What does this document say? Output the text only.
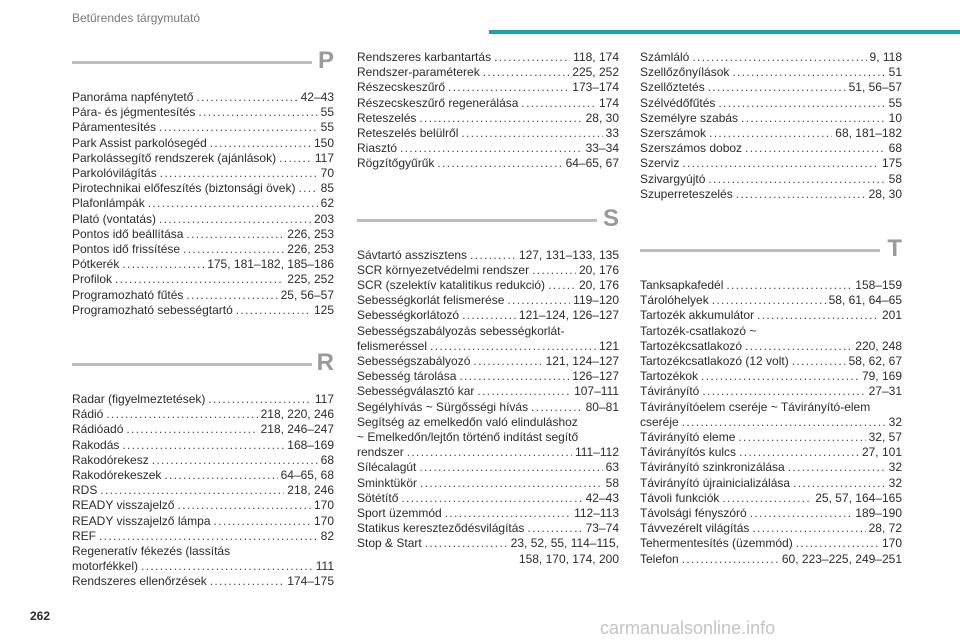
Betűrendes tárgymutató
P
Panoráma napfénytető . . .	42–43
Pára- és jégmentesítés . . .	55
Páramentesítés . . .	55
Park Assist parkolósegéd . . .	150
Parkolássegítő rendszerek (ajánlások) . . .	117
Parkolóvilágítás . . .	70
Pirotechnikai előfeszítés (biztonsági övek) . . . 85
Plafonlámpák . . .	62
Plató (vontatás) . . .	203
Pontos idő beállítása . . .	226, 253
Pontos idő frissítése . . .	226, 253
Pótkerék . . .	175, 181–182, 185–186
Profilok . . .	225, 252
Programozható fűtés . . .	25, 56–57
Programozható sebességtartó . . .	125
R
Radar (figyelmeztetések) . . .	117
Rádió . . .	218, 220, 246
Rádióadó . . .	218, 246–247
Rakodás . . .	168–169
Rakodórekesz . . .	68
Rakodórekeszek . . .	64–65, 68
RDS . . .	218, 246
READY visszajelző . . .	170
READY visszajelző lámpa . . .	170
REF . . .	82
Regeneratív fékezés (lassítás
motorfékkel) . . .	111
Rendszeres ellenőrzések . . .	174–175
Rendszeres karbantartás . . .	118, 174
Rendszer-paraméterek . . .	225, 252
Részecskeszűrő . . .	173–174
Részecskeszűrő regenerálása . . .	174
Reteszelés . . .	28, 30
Reteszelés belülről . . .	33
Riasztó . . .	33–34
Rögzítőgyűrűk . . .	64–65, 67
S
Sávtartó asszisztens . . .	127, 131–133, 135
SCR környezetvédelmi rendszer . . .	20, 176
SCR (szelektív katalitikus redukció) . . .	20, 176
Sebességkorlát felismerése . . .	119–120
Sebességkorlátozó . . .	121–124, 126–127
Sebességszabályozás sebességkorlát-
felismeréssel . . .	121
Sebességszabályozó . . .	121, 124–127
Sebesség tárolása . . .	126–127
Sebességválasztó kar . . .	107–111
Segélyhívás ~ Sürgősségi hívás . . .	80–81
Segítség az emelkedőn való elinduláshoz
~ Emelkedőn/lejtőn történő indítást segítő
rendszer . . .	111–112
Sílécalagút . . .	63
Sminktükör . . .	58
Sötétítő . . .	42–43
Sport üzemmód . . .	112–113
Statikus kereszteződésvilágítás . . .	73–74
Stop & Start . . .	23, 52, 55, 114–115,
158, 170, 174, 200
Számláló . . .	9, 118
Szellőzőnyílások . . .	51
Szellőztetés . . .	51, 56–57
Szélvédőfűtés . . .	55
Személyre szabás . . .	10
Szerszámok . . .	68, 181–182
Szerszámos doboz . . .	68
Szerviz . . .	175
Szivargyújtó . . .	58
Szuperreteszelés . . .	28, 30
T
Tanksapkafedél . . .	158–159
Tárolóhelyek . . .	58, 61, 64–65
Tartozék akkumulátor . . .	201
Tartozék-csatlakozó ~
Tartozékcsatlakozó . . .	220, 248
Tartozékcsatlakozó (12 volt) . . .	58, 62, 67
Tartozékok . . .	79, 169
Távirányító . . .	27–31
Távirányítóelem cseréje ~ Távirányító-elem
cseréje . . .	32
Távirányító eleme . . .	32, 57
Távirányítós kulcs . . .	27, 101
Távirányító szinkronizálása . . .	32
Távirányító újrainicializálása . . .	32
Távoli funkciók . . .	25, 57, 164–165
Távolsági fényszóró . . .	189–190
Távvezérelt világítás . . .	28, 72
Tehermentesítés (üzemmód) . . .	170
Telefon . . .	60, 223–225, 249–251
262
carmanualsonline.info
